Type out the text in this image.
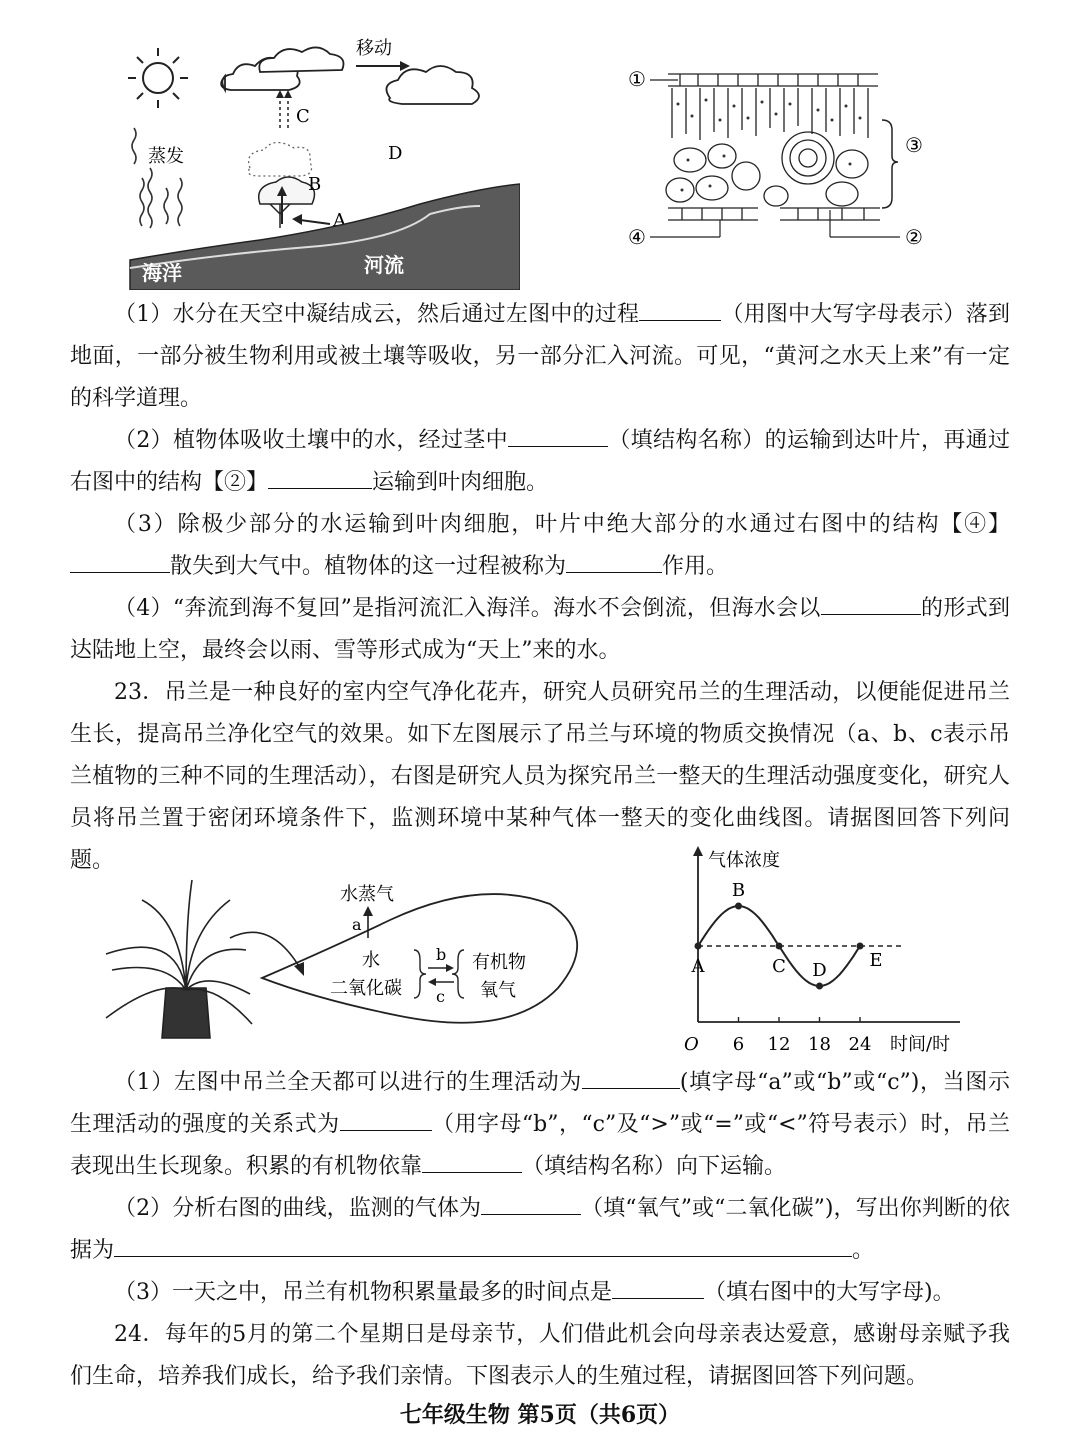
移动
C
蒸发
B
D
A
海洋	河流
①
③
④	②

（1）水分在天空中凝结成云，然后通过左图中的过程	（用图中大写字母表示）落到地面，一部分被生物利用或被土壤等吸收，另一部分汇入河流。可见，“黄河之水天上来”有一定的科学道理。

（2）植物体吸收土壤中的水，经过茎中	（填结构名称）的运输到达叶片，再通过右图中的结构【②】	运输到叶肉细胞。

（3）除极少部分的水运输到叶肉细胞，叶片中绝大部分的水通过右图中的结构【④】散失到大气中。植物体的这一过程被称为	作用。

（4）“奔流到海不复回”是指河流汇入海洋。海水不会倒流，但海水会以	的形式到达陆地上空，最终会以雨、雪等形式成为“天上”来的水。

23．吊兰是一种良好的室内空气净化花卉，研究人员研究吊兰的生理活动，以便能促进吊兰生长，提高吊兰净化空气的效果。如下左图展示了吊兰与环境的物质交换情况（a、b、c表示吊兰植物的三种不同的生理活动），右图是研究人员为探究吊兰一整天的生理活动强度变化，研究人员将吊兰置于密闭环境条件下，监测环境中某种气体一整天的变化曲线图。请据图回答下列问题。

水蒸气
a
水
二氧化碳
b
c
有机物
氧气
气体浓度
O	时间/时
6 12 18 24
A
B
C D E

（1）左图中吊兰全天都可以进行的生理活动为	(填字母“a”或“b”或“c”)，当图示生理活动的强度的关系式为	（用字母“b”，“c”及“>”或“=”或“<”符号表示）时，吊兰表现出生长现象。积累的有机物依靠	（填结构名称）向下运输。

（2）分析右图的曲线，监测的气体为	（填“氧气”或“二氧化碳”)，写出你判断的依据为	。

（3）一天之中，吊兰有机物积累量最多的时间点是	（填右图中的大写字母)。

24．每年的5月的第二个星期日是母亲节，人们借此机会向母亲表达爱意，感谢母亲赋予我们生命，培养我们成长，给予我们亲情。下图表示人的生殖过程，请据图回答下列问题。

七年级生物 第5页（共6页）
